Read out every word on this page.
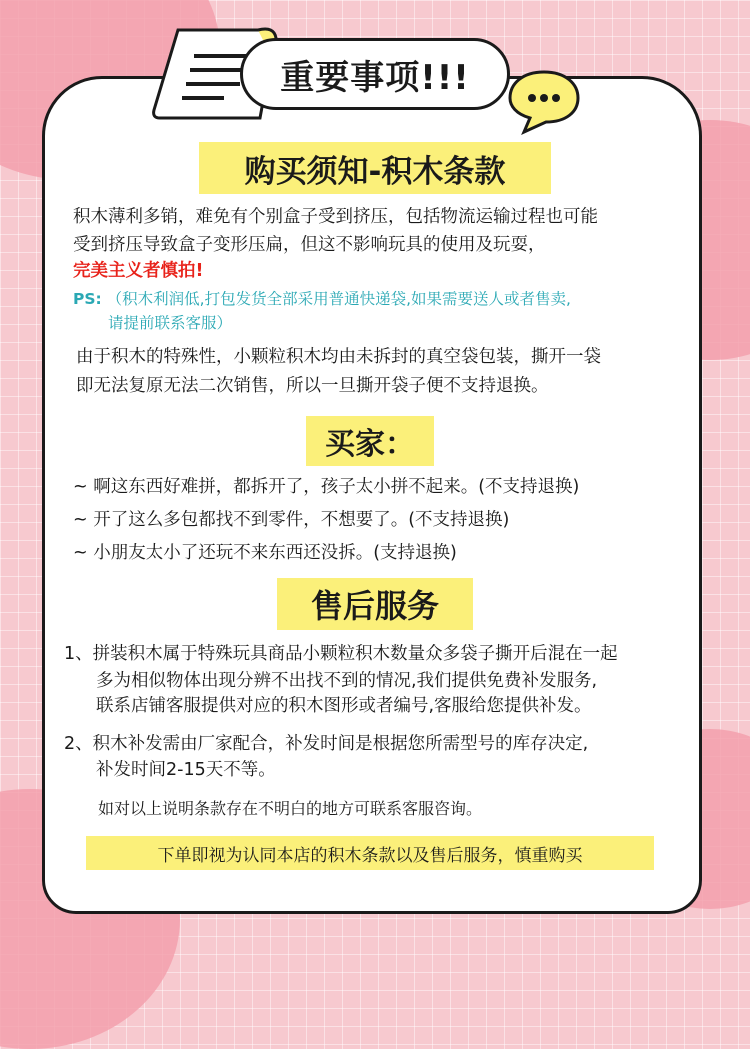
重要事项!!!
购买须知-积木条款
积木薄利多销，难免有个别盒子受到挤压，包括物流运输过程也可能
受到挤压导致盒子变形压扁，但这不影响玩具的使用及玩耍，
完美主义者慎拍!
PS: （积木利润低,打包发货全部采用普通快递袋,如果需要送人或者售卖,
请提前联系客服）
由于积木的特殊性，小颗粒积木均由未拆封的真空袋包装，撕开一袋
即无法复原无法二次销售，所以一旦撕开袋子便不支持退换。
买家：
~ 啊这东西好难拼，都拆开了，孩子太小拼不起来。(不支持退换)
~ 开了这么多包都找不到零件，不想要了。(不支持退换)
~ 小朋友太小了还玩不来东西还没拆。(支持退换)
售后服务
1、拼装积木属于特殊玩具商品小颗粒积木数量众多袋子撕开后混在一起
多为相似物体出现分辨不出找不到的情况,我们提供免费补发服务,
联系店铺客服提供对应的积木图形或者编号,客服给您提供补发。
2、积木补发需由厂家配合，补发时间是根据您所需型号的库存决定,
补发时间2-15天不等。
如对以上说明条款存在不明白的地方可联系客服咨询。
下单即视为认同本店的积木条款以及售后服务，慎重购买
